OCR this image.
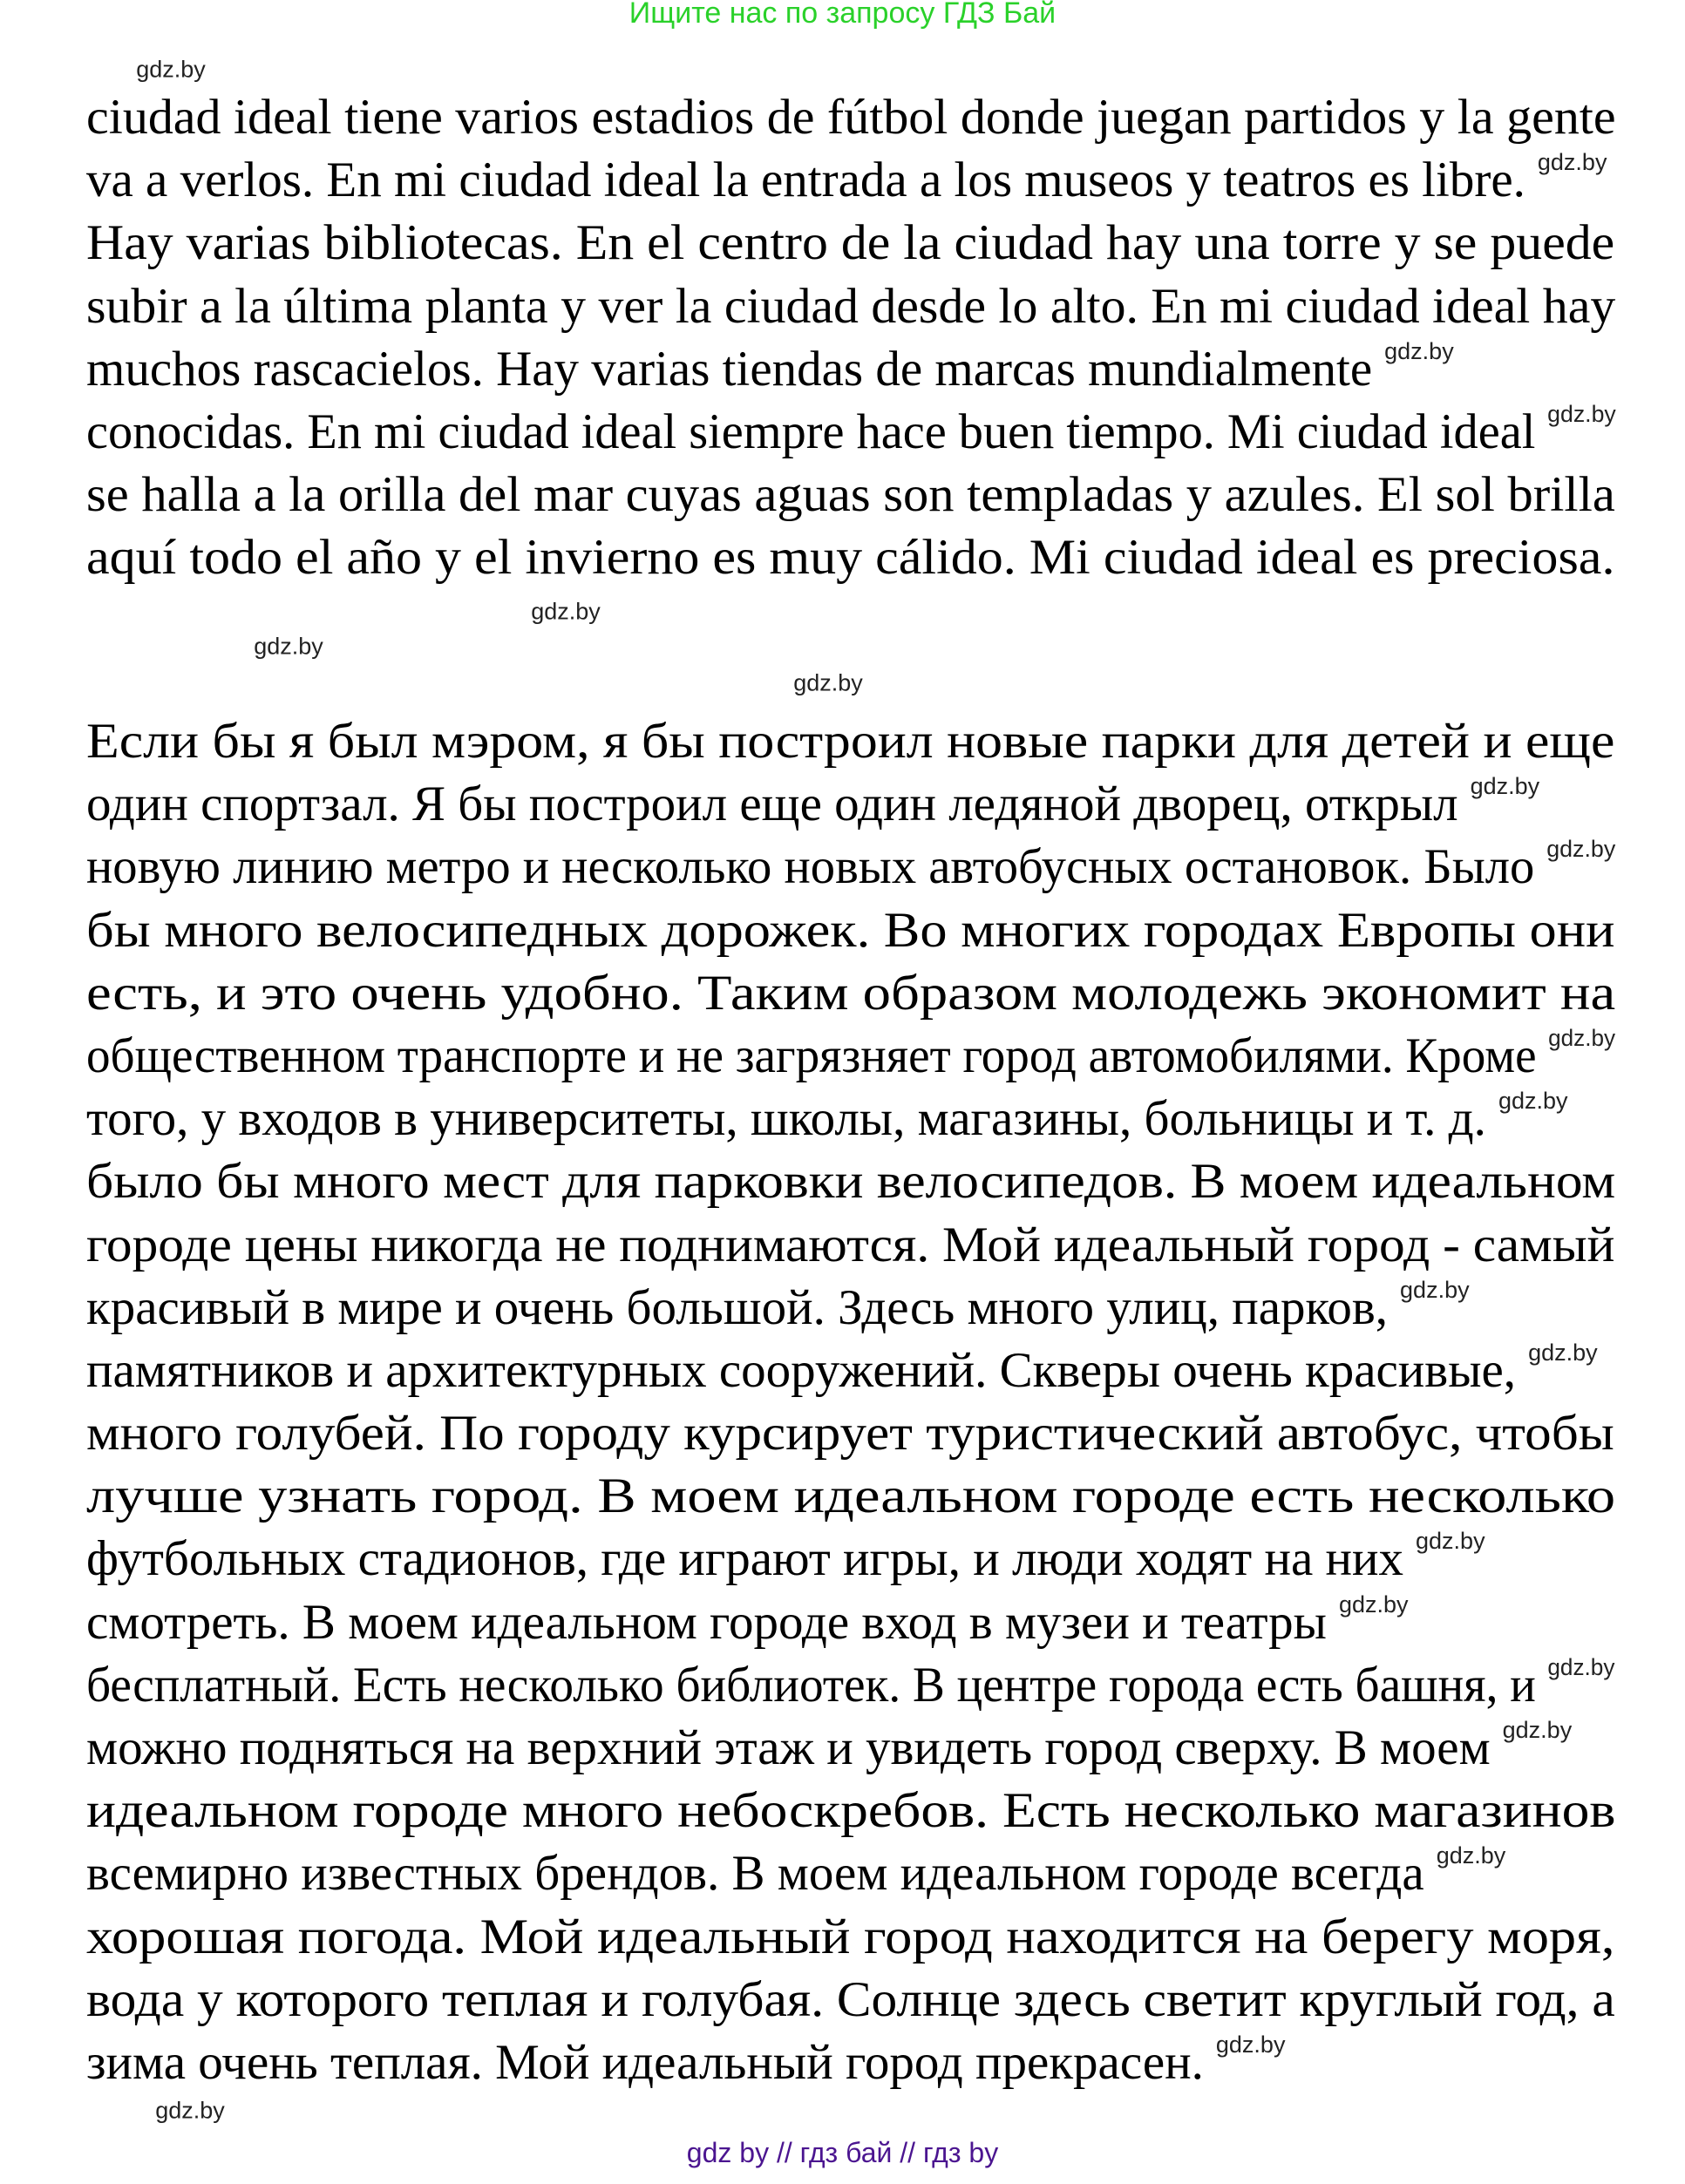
Ищите нас по запросу ГДЗ Бай
ciudad ideal tiene varios estadios de fútbol donde juegan partidos y la gente
va a verlos. En mi ciudad ideal la entrada a los museos y teatros es libre. $^{gdz.by}$
Hay varias bibliotecas. En el centro de la ciudad hay una torre y se puede
subir a la última planta y ver la ciudad desde lo alto. En mi ciudad ideal hay
muchos rascacielos. Hay varias tiendas de marcas mundialmente $^{gdz.by}$
conocidas. En mi ciudad ideal siempre hace buen tiempo. Mi ciudad ideal $^{gdz.by}$
se halla a la orilla del mar cuyas aguas son templadas y azules. El sol brilla
aquí todo el año y el invierno es muy cálido. Mi ciudad ideal es preciosa.
Если бы я был мэром, я бы построил новые парки для детей и еще
один спортзал. Я бы построил еще один ледяной дворец, открыл $^{gdz.by}$
новую линию метро и несколько новых автобусных остановок. Было $^{gdz.by}$
бы много велосипедных дорожек. Во многих городах Европы они
есть, и это очень удобно. Таким образом молодежь экономит на
общественном транспорте и не загрязняет город автомобилями. Кроме $^{gdz.by}$
того, у входов в университеты, школы, магазины, больницы и т. д. $^{gdz.by}$
было бы много мест для парковки велосипедов. В моем идеальном
городе цены никогда не поднимаются. Мой идеальный город - самый
красивый в мире и очень большой. Здесь много улиц, парков, $^{gdz.by}$
памятников и архитектурных сооружений. Скверы очень красивые, $^{gdz.by}$
много голубей. По городу курсирует туристический автобус, чтобы
лучше узнать город. В моем идеальном городе есть несколько
футбольных стадионов, где играют игры, и люди ходят на них $^{gdz.by}$
смотреть. В моем идеальном городе вход в музеи и театры $^{gdz.by}$
бесплатный. Есть несколько библиотек. В центре города есть башня, и $^{gdz.by}$
можно подняться на верхний этаж и увидеть город сверху. В моем $^{gdz.by}$
идеальном городе много небоскребов. Есть несколько магазинов
всемирно известных брендов. В моем идеальном городе всегда $^{gdz.by}$
хорошая погода. Мой идеальный город находится на берегу моря,
вода у которого теплая и голубая. Солнце здесь светит круглый год, а
зима очень теплая. Мой идеальный город прекрасен. $^{gdz.by}$
gdz.by
gdz.by
gdz.by
gdz.by
gdz.by
gdz by // гдз бай // гдз by
